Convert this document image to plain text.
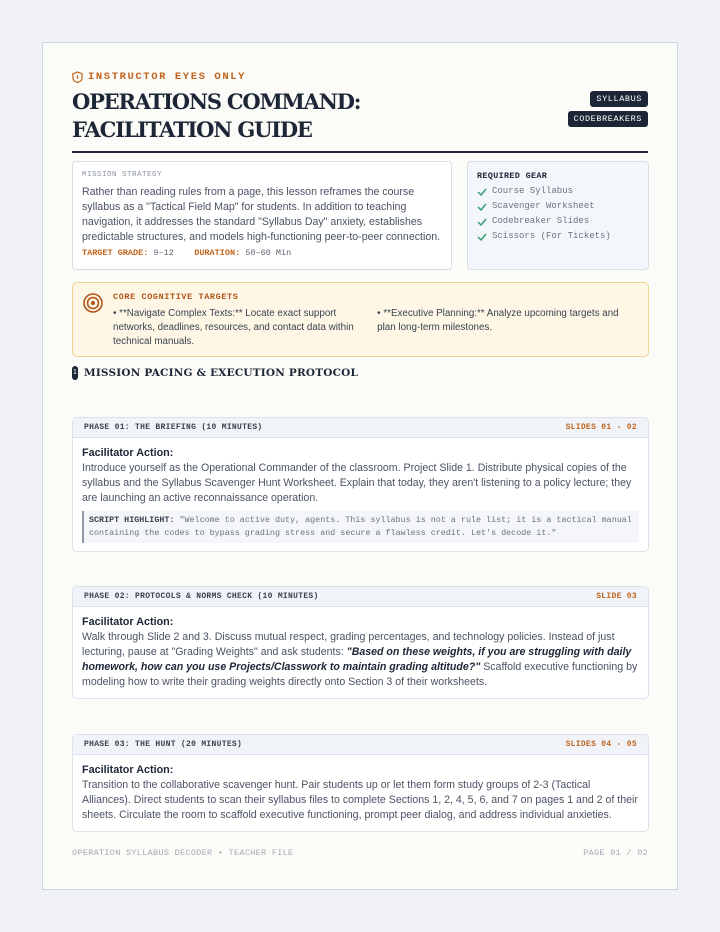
INSTRUCTOR EYES ONLY
OPERATIONS COMMAND: FACILITATION GUIDE
SYLLABUS
CODEBREAKERS
MISSION STRATEGY

Rather than reading rules from a page, this lesson reframes the course syllabus as a "Tactical Field Map" for students. In addition to teaching navigation, it addresses the standard "Syllabus Day" anxiety, establishes predictable structures, and models high-functioning peer-to-peer connection.

TARGET GRADE: 9–12 DURATION: 50–60 Min
REQUIRED GEAR
Course Syllabus
Scavenger Worksheet
Codebreaker Slides
Scissors (For Tickets)
CORE COGNITIVE TARGETS
• **Navigate Complex Texts:** Locate exact support networks, deadlines, resources, and contact data within technical manuals.
• **Executive Planning:** Analyze upcoming targets and plan long-term milestones.
1 MISSION PACING & EXECUTION PROTOCOL
PHASE 01: THE BRIEFING (10 MINUTES)	SLIDES 01 - 02
Facilitator Action:
Introduce yourself as the Operational Commander of the classroom. Project Slide 1. Distribute physical copies of the syllabus and the Syllabus Scavenger Hunt Worksheet. Explain that today, they aren't listening to a policy lecture; they are launching an active reconnaissance operation.
SCRIPT HIGHLIGHT: "Welcome to active duty, agents. This syllabus is not a rule list; it is a tactical manual containing the codes to bypass grading stress and secure a flawless credit. Let's decode it."
PHASE 02: PROTOCOLS & NORMS CHECK (10 MINUTES)	SLIDE 03
Facilitator Action:
Walk through Slide 2 and 3. Discuss mutual respect, grading percentages, and technology policies. Instead of just lecturing, pause at "Grading Weights" and ask students: "Based on these weights, if you are struggling with daily homework, how can you use Projects/Classwork to maintain grading altitude?" Scaffold executive functioning by modeling how to write their grading weights directly onto Section 3 of their worksheets.
PHASE 03: THE HUNT (20 MINUTES)	SLIDES 04 - 05
Facilitator Action:
Transition to the collaborative scavenger hunt. Pair students up or let them form study groups of 2-3 (Tactical Alliances). Direct students to scan their syllabus files to complete Sections 1, 2, 4, 5, 6, and 7 on pages 1 and 2 of their sheets. Circulate the room to scaffold executive functioning, prompt peer dialog, and address individual anxieties.
OPERATION SYLLABUS DECODER • TEACHER FILE	PAGE 01 / 02
